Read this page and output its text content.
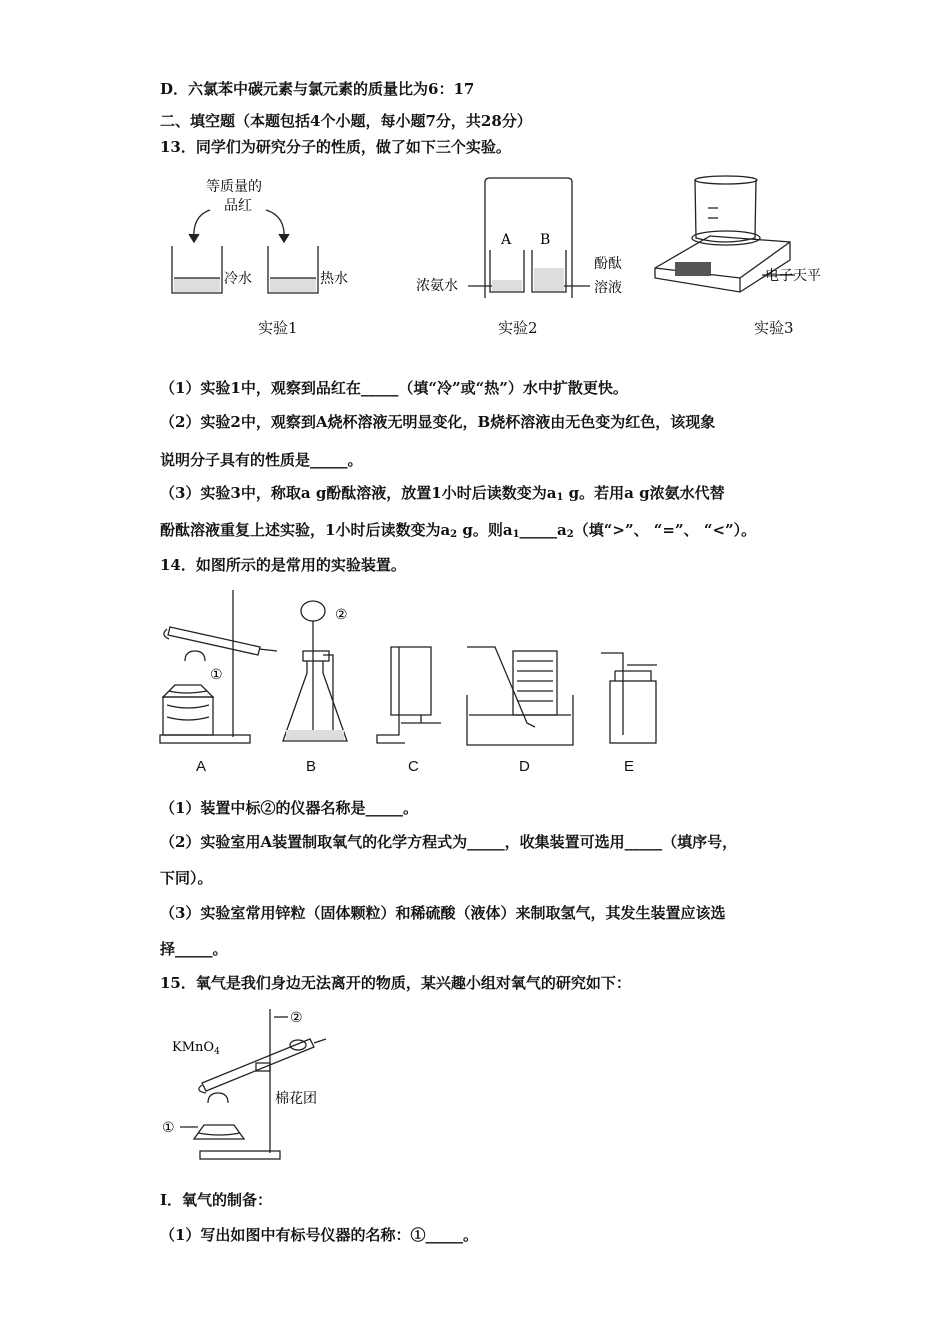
D．六氯苯中碳元素与氯元素的质量比为6：17
二、填空题（本题包括4个小题，每小题7分，共28分）
13．同学们为研究分子的性质，做了如下三个实验。
等质量的
品红
冷水	热水
A B
浓氨水
酚酞
溶液
电子天平
实验1	实验2	实验3
（1）实验1中，观察到品红在_____（填“冷”或“热”）水中扩散更快。
（2）实验2中，观察到A烧杯溶液无明显变化，B烧杯溶液由无色变为红色，该现象
说明分子具有的性质是_____。
（3）实验3中，称取a g酚酞溶液，放置1小时后读数变为$a_1$ g。若用a g浓氨水代替
酚酞溶液重复上述实验，1小时后读数变为$a_2$ g。则$a_1\_\_\_\_\_a_2$（填“>”、 “=”、 “<”）。
14．如图所示的是常用的实验装置。
①
②
A	B	C	D	E
（1）装置中标②的仪器名称是_____。
（2）实验室用A装置制取氧气的化学方程式为_____，收集装置可选用_____（填序号，
下同）。
（3）实验室常用锌粒（固体颗粒）和稀硫酸（液体）来制取氢气，其发生装置应该选
择_____。
15．氧气是我们身边无法离开的物质，某兴趣小组对氧气的研究如下：
KMnO$_4$
②
①
棉花团
I．氧气的制备：
（1）写出如图中有标号仪器的名称：①_____。
